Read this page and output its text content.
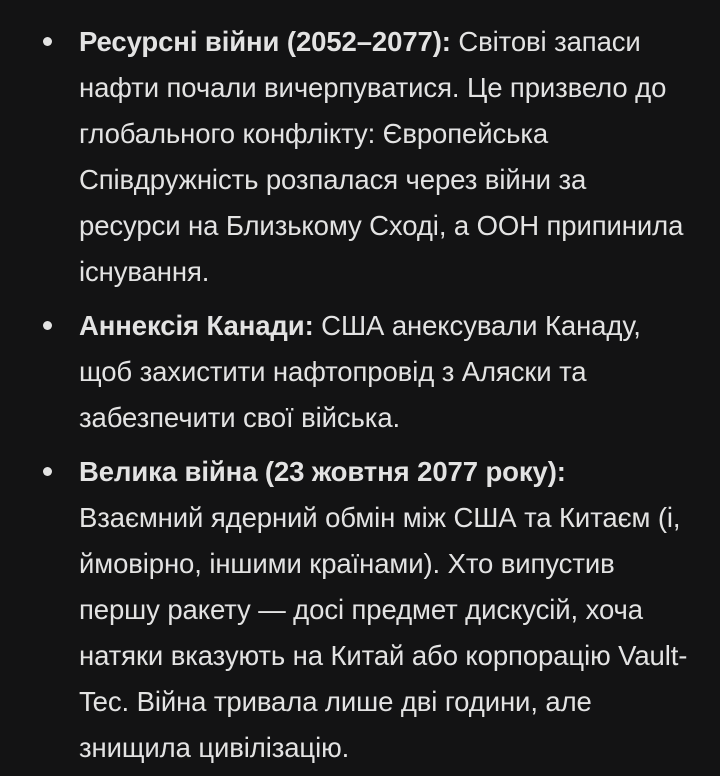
Ресурсні війни (2052–2077): Світові запаси нафти почали вичерпуватися. Це призвело до глобального конфлікту: Європейська Співдружність розпалася через війни за ресурси на Близькому Сході, а ООН припинила існування.
Аннексія Канади: США анексували Канаду, щоб захистити нафтопровід з Аляски та забезпечити свої війська.
Велика війна (23 жовтня 2077 року): Взаємний ядерний обмін між США та Китаєм (і, ймовірно, іншими країнами). Хто випустив першу ракету — досі предмет дискусій, хоча натяки вказують на Китай або корпорацію Vault-Tec. Війна тривала лише дві години, але знищила цивілізацію.
